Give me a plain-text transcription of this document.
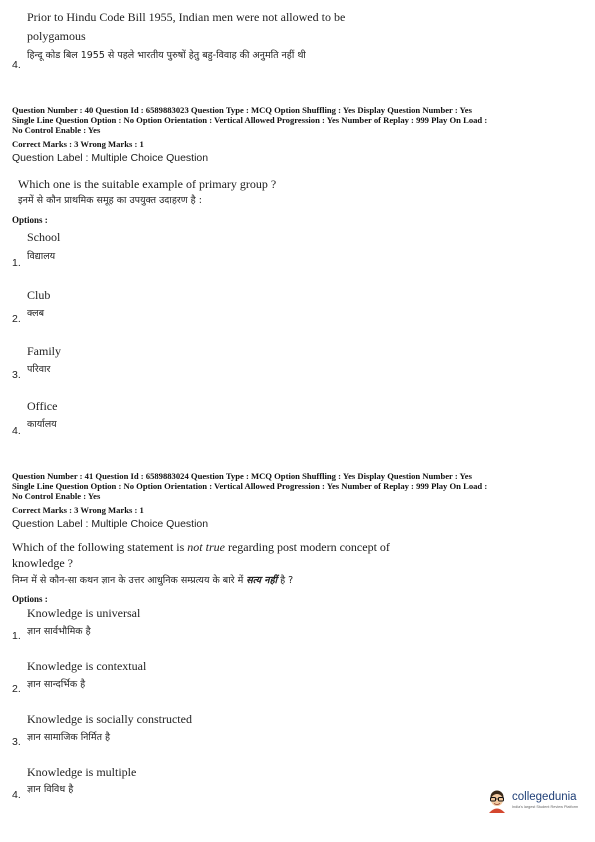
Prior to Hindu Code Bill 1955, Indian men were not allowed to be
polygamous
हिन्दू कोड बिल 1955 से पहले भारतीय पुरुषों हेतु बहु-विवाह की अनुमति नहीं थी
4.
Question Number : 40 Question Id : 6589883023 Question Type : MCQ Option Shuffling : Yes Display Question Number : Yes
Single Line Question Option : No Option Orientation : Vertical Allowed Progression : Yes Number of Replay : 999 Play On Load :
No Control Enable : Yes
Correct Marks : 3 Wrong Marks : 1
Question Label : Multiple Choice Question
Which one is the suitable example of primary group ?
इनमें से कौन प्राथमिक समूह का उपयुक्त उदाहरण है :
Options :
School
विद्यालय
1.
Club
क्लब
2.
Family
परिवार
3.
Office
कार्यालय
4.
Question Number : 41 Question Id : 6589883024 Question Type : MCQ Option Shuffling : Yes Display Question Number : Yes
Single Line Question Option : No Option Orientation : Vertical Allowed Progression : Yes Number of Replay : 999 Play On Load :
No Control Enable : Yes
Correct Marks : 3 Wrong Marks : 1
Question Label : Multiple Choice Question
Which of the following statement is not true regarding post modern concept of
knowledge ?
निम्न में से कौन-सा कथन ज्ञान के उत्तर आधुनिक सम्प्रत्यय के बारे में सत्य नहीं है ?
Options :
Knowledge is universal
ज्ञान सार्वभौमिक है
1.
Knowledge is contextual
ज्ञान सान्दर्भिक है
2.
Knowledge is socially constructed
ज्ञान सामाजिक निर्मित है
3.
Knowledge is multiple
ज्ञान विविध है
4.	collegedunia
India's largest Student Review Platform
